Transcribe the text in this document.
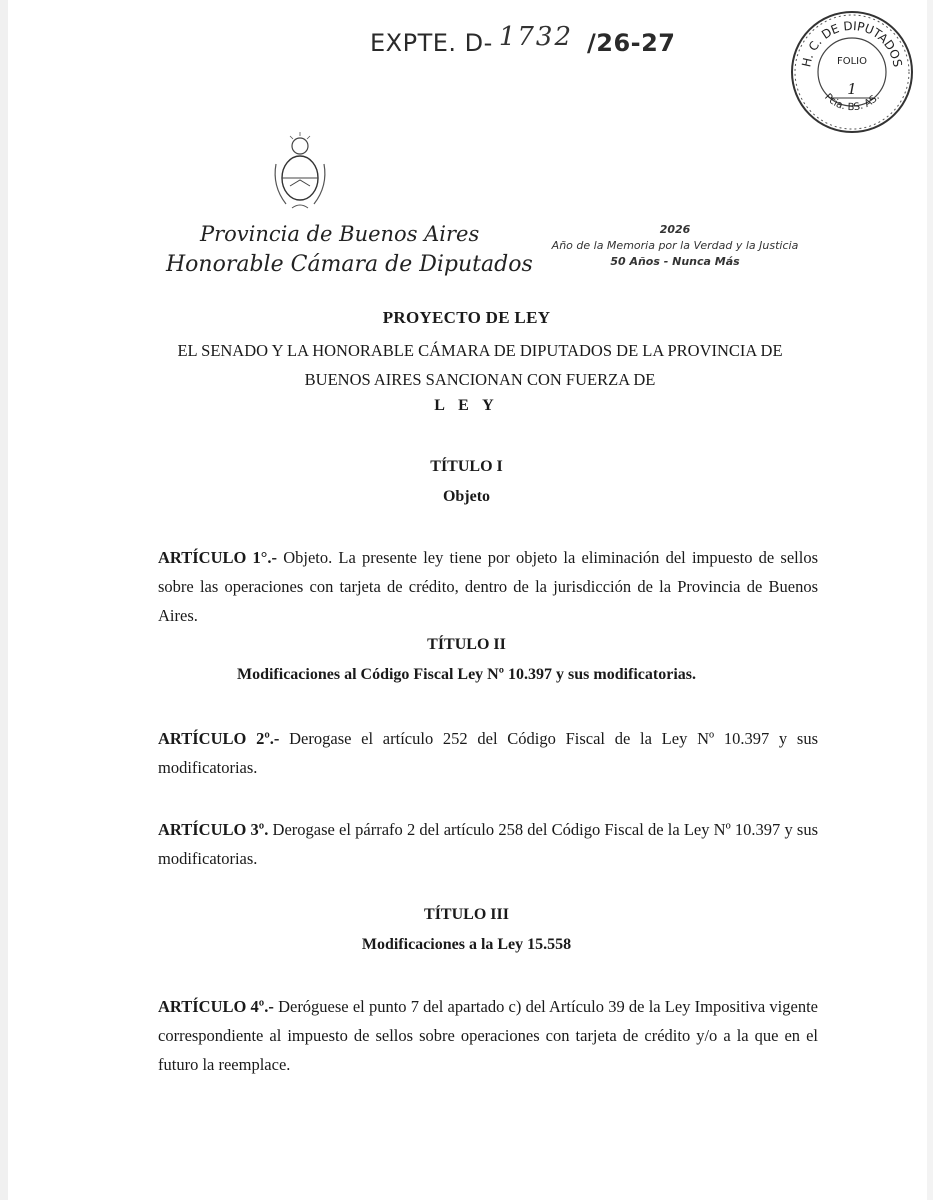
EXPTE. D- 1732 /26-27
H. C. DE DIPUTADOS
Pcia. BS. AS.
FOLIO
1
Provincia de Buenos Aires
Honorable Cámara de Diputados
2026
Año de la Memoria por la Verdad y la Justicia
50 Años - Nunca Más
PROYECTO DE LEY
EL SENADO Y LA HONORABLE CÁMARA DE DIPUTADOS DE LA PROVINCIA DE
BUENOS AIRES SANCIONAN CON FUERZA DE
L E Y
TÍTULO I
Objeto
ARTÍCULO 1°.- Objeto. La presente ley tiene por objeto la eliminación del impuesto de sellos sobre las operaciones con tarjeta de crédito, dentro de la jurisdicción de la Provincia de Buenos Aires.
TÍTULO II
Modificaciones al Código Fiscal Ley Nº 10.397 y sus modificatorias.
ARTÍCULO 2º.- Derogase el artículo 252 del Código Fiscal de la Ley Nº 10.397 y sus modificatorias.
ARTÍCULO 3º. Derogase el párrafo 2 del artículo 258 del Código Fiscal de la Ley Nº 10.397 y sus modificatorias.
TÍTULO III
Modificaciones a la Ley 15.558
ARTÍCULO 4º.- Deróguese el punto 7 del apartado c) del Artículo 39 de la Ley Impositiva vigente correspondiente al impuesto de sellos sobre operaciones con tarjeta de crédito y/o a la que en el futuro la reemplace.
